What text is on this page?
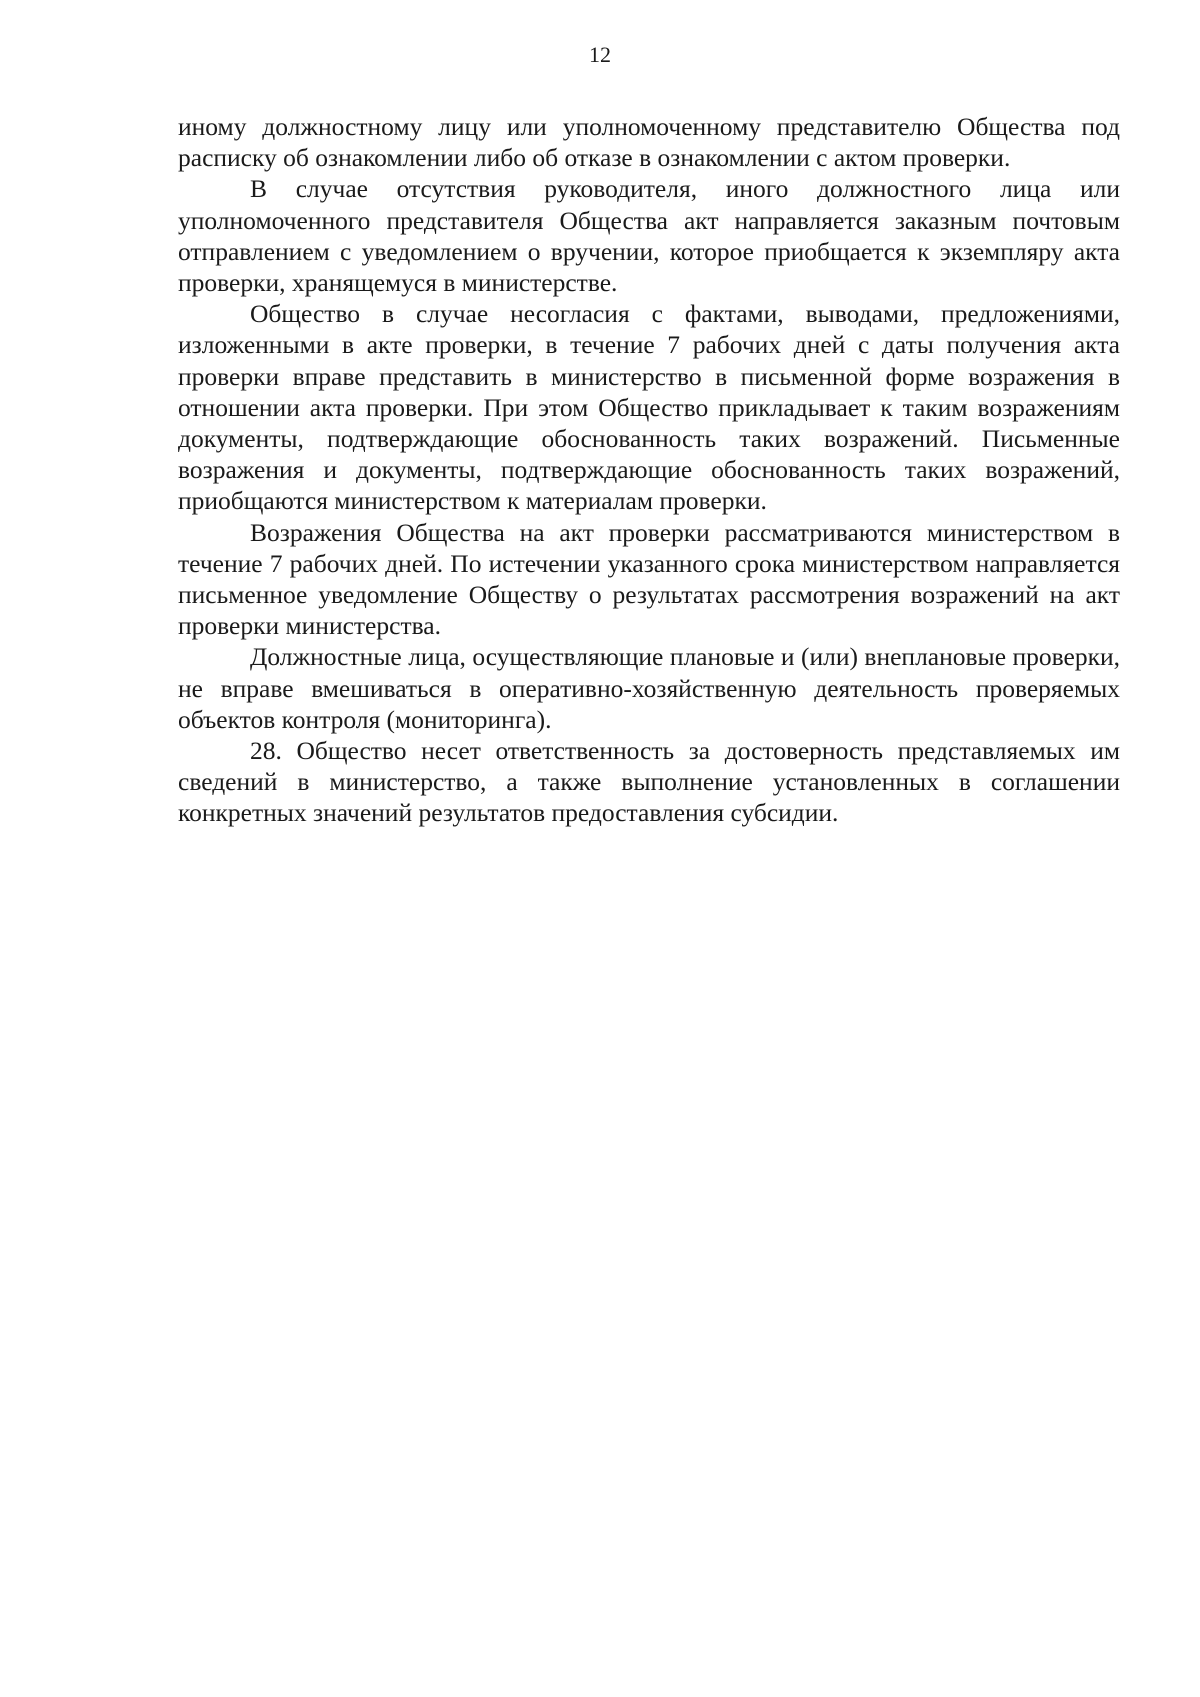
12

иному должностному лицу или уполномоченному представителю Общества под расписку об ознакомлении либо об отказе в ознакомлении с актом проверки.

В случае отсутствия руководителя, иного должностного лица или уполномоченного представителя Общества акт направляется заказным почтовым отправлением с уведомлением о вручении, которое приобщается к экземпляру акта проверки, хранящемуся в министерстве.

Общество в случае несогласия с фактами, выводами, предложениями, изложенными в акте проверки, в течение 7 рабочих дней с даты получения акта проверки вправе представить в министерство в письменной форме возражения в отношении акта проверки. При этом Общество прикладывает к таким возражениям документы, подтверждающие обоснованность таких возражений. Письменные возражения и документы, подтверждающие обоснованность таких возражений, приобщаются министерством к материалам проверки.

Возражения Общества на акт проверки рассматриваются министерством в течение 7 рабочих дней. По истечении указанного срока министерством направляется письменное уведомление Обществу о результатах рассмотрения возражений на акт проверки министерства.

Должностные лица, осуществляющие плановые и (или) внеплановые проверки, не вправе вмешиваться в оперативно-хозяйственную деятельность проверяемых объектов контроля (мониторинга).

28. Общество несет ответственность за достоверность представляемых им сведений в министерство, а также выполнение установленных в соглашении конкретных значений результатов предоставления субсидии.
